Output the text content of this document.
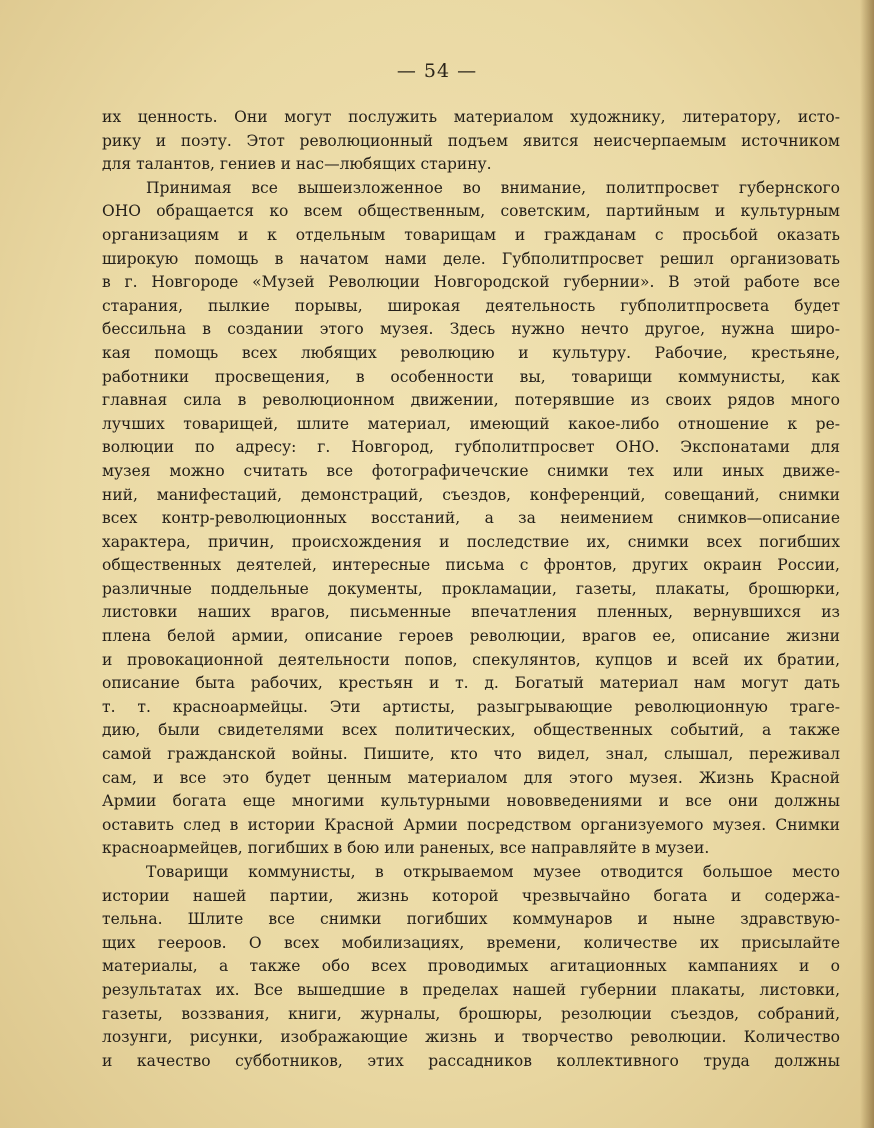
— 54 —
их ценность. Они могут послужить материалом художнику, литератору, исто-
рику и поэту. Этот революционный подъем явится неисчерпаемым источником
для талантов, гениев и нас—любящих старину.
Принимая все вышеизложенное во внимание, политпросвет губернского
ОНО обращается ко всем общественным, советским, партийным и культурным
организациям и к отдельным товарищам и гражданам с просьбой оказать
широкую помощь в начатом нами деле. Губполитпросвет решил организовать
в г. Новгороде «Музей Революции Новгородской губернии». В этой работе все
старания, пылкие порывы, широкая деятельность губполитпросвета будет
бессильна в создании этого музея. Здесь нужно нечто другое, нужна широ-
кая помощь всех любящих революцию и культуру. Рабочие, крестьяне,
работники просвещения, в особенности вы, товарищи коммунисты, как
главная сила в революционном движении, потерявшие из своих рядов много
лучших товарищей, шлите материал, имеющий какое-либо отношение к ре-
волюции по адресу: г. Новгород, губполитпросвет ОНО. Экспонатами для
музея можно считать все фотографичечские снимки тех или иных движе-
ний, манифестаций, демонстраций, съездов, конференций, совещаний, снимки
всех контр-революционных восстаний, а за неимением снимков—описание
характера, причин, происхождения и последствие их, снимки всех погибших
общественных деятелей, интересные письма с фронтов, других окраин России,
различные поддельные документы, прокламации, газеты, плакаты, брошюрки,
листовки наших врагов, письменные впечатления пленных, вернувшихся из
плена белой армии, описание героев революции, врагов ее, описание жизни
и провокационной деятельности попов, спекулянтов, купцов и всей их братии,
описание быта рабочих, крестьян и т. д. Богатый материал нам могут дать
т. т. красноармейцы. Эти артисты, разыгрывающие революционную траге-
дию, были свидетелями всех политических, общественных событий, а также
самой гражданской войны. Пишите, кто что видел, знал, слышал, переживал
сам, и все это будет ценным материалом для этого музея. Жизнь Красной
Армии богата еще многими культурными нововведениями и все они должны
оставить след в истории Красной Армии посредством организуемого музея. Снимки
красноармейцев, погибших в бою или раненых, все направляйте в музеи.
Товарищи коммунисты, в открываемом музее отводится большое место
истории нашей партии, жизнь которой чрезвычайно богата и содержа-
тельна. Шлите все снимки погибших коммунаров и ныне здравствую-
щих геероов. О всех мобилизациях, времени, количестве их присылайте
материалы, а также обо всех проводимых агитационных кампаниях и о
результатах их. Все вышедшие в пределах нашей губернии плакаты, листовки,
газеты, воззвания, книги, журналы, брошюры, резолюции съездов, собраний,
лозунги, рисунки, изображающие жизнь и творчество революции. Количество
и качество субботников, этих рассадников коллективного труда должны
